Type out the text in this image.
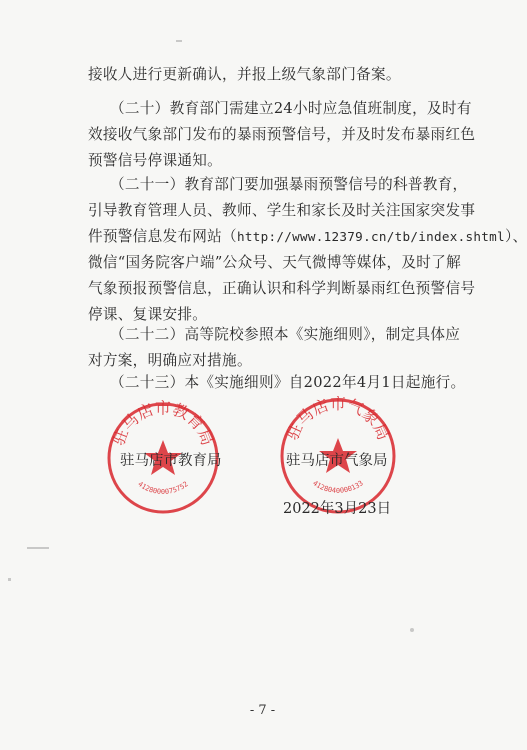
接收人进行更新确认，并报上级气象部门备案。

（二十）教育部门需建立24小时应急值班制度，及时有
效接收气象部门发布的暴雨预警信号，并及时发布暴雨红色
预警信号停课通知。

（二十一）教育部门要加强暴雨预警信号的科普教育，
引导教育管理人员、教师、学生和家长及时关注国家突发事
件预警信息发布网站（http://www.12379.cn/tb/index.shtml）、
微信“国务院客户端”公众号、天气微博等媒体，及时了解
气象预报预警信息，正确认识和科学判断暴雨红色预警信号
停课、复课安排。

（二十二）高等院校参照本《实施细则》，制定具体应
对方案，明确应对措施。

（二十三）本《实施细则》自2022年4月1日起施行。

驻马店市教育局
4128000075752
驻马店市气象局
4128040000133
驻马店市教育局	驻马店市气象局
2022年3月23日
- 7 -
